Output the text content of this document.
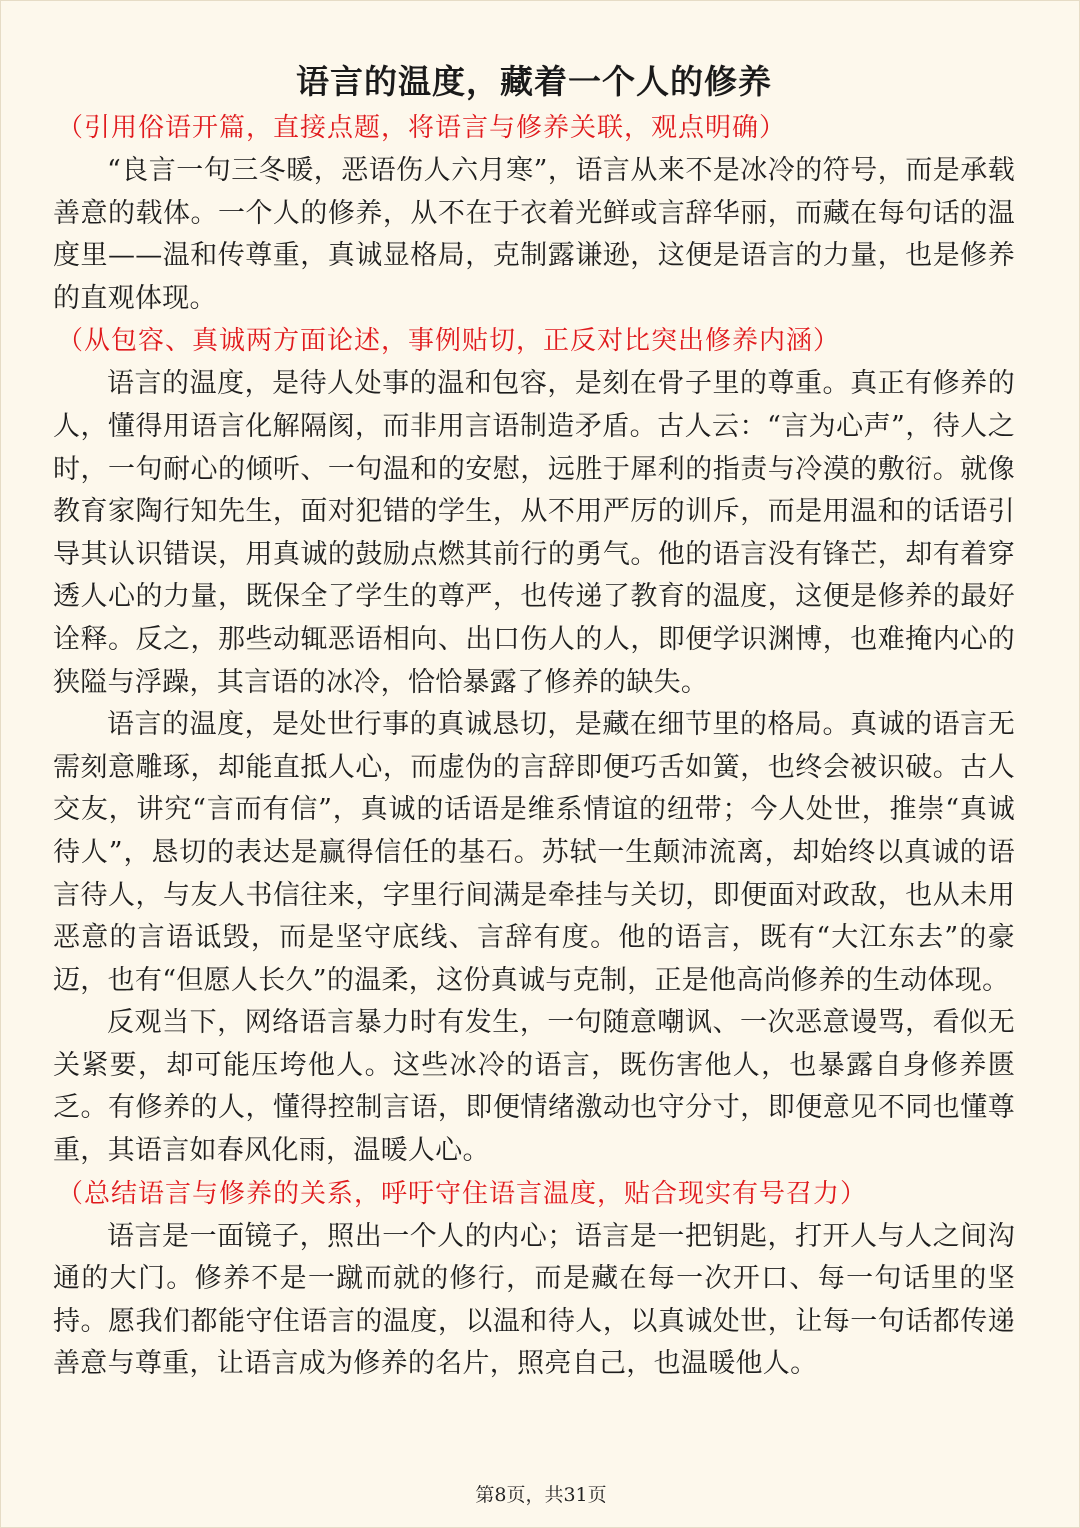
语言的温度，藏着一个人的修养

（引用俗语开篇，直接点题，将语言与修养关联，观点明确）

“良言一句三冬暖，恶语伤人六月寒”，语言从来不是冰冷的符号，而是承载善意的载体。一个人的修养，从不在于衣着光鲜或言辞华丽，而藏在每句话的温度里——温和传尊重，真诚显格局，克制露谦逊，这便是语言的力量，也是修养的直观体现。

（从包容、真诚两方面论述，事例贴切，正反对比突出修养内涵）

语言的温度，是待人处事的温和包容，是刻在骨子里的尊重。真正有修养的人，懂得用语言化解隔阂，而非用言语制造矛盾。古人云：“言为心声”，待人之时，一句耐心的倾听、一句温和的安慰，远胜于犀利的指责与冷漠的敷衍。就像教育家陶行知先生，面对犯错的学生，从不用严厉的训斥，而是用温和的话语引导其认识错误，用真诚的鼓励点燃其前行的勇气。他的语言没有锋芒，却有着穿透人心的力量，既保全了学生的尊严，也传递了教育的温度，这便是修养的最好诠释。反之，那些动辄恶语相向、出口伤人的人，即便学识渊博，也难掩内心的狭隘与浮躁，其言语的冰冷，恰恰暴露了修养的缺失。

语言的温度，是处世行事的真诚恳切，是藏在细节里的格局。真诚的语言无需刻意雕琢，却能直抵人心，而虚伪的言辞即便巧舌如簧，也终会被识破。古人交友，讲究“言而有信”，真诚的话语是维系情谊的纽带；今人处世，推崇“真诚待人”，恳切的表达是赢得信任的基石。苏轼一生颠沛流离，却始终以真诚的语言待人，与友人书信往来，字里行间满是牵挂与关切，即便面对政敌，也从未用恶意的言语诋毁，而是坚守底线、言辞有度。他的语言，既有“大江东去”的豪迈，也有“但愿人长久”的温柔，这份真诚与克制，正是他高尚修养的生动体现。

反观当下，网络语言暴力时有发生，一句随意嘲讽、一次恶意谩骂，看似无关紧要，却可能压垮他人。这些冰冷的语言，既伤害他人，也暴露自身修养匮乏。有修养的人，懂得控制言语，即便情绪激动也守分寸，即便意见不同也懂尊重，其语言如春风化雨，温暖人心。

（总结语言与修养的关系，呼吁守住语言温度，贴合现实有号召力）

语言是一面镜子，照出一个人的内心；语言是一把钥匙，打开人与人之间沟通的大门。修养不是一蹴而就的修行，而是藏在每一次开口、每一句话里的坚持。愿我们都能守住语言的温度，以温和待人，以真诚处世，让每一句话都传递善意与尊重，让语言成为修养的名片，照亮自己，也温暖他人。

第8页，共31页
